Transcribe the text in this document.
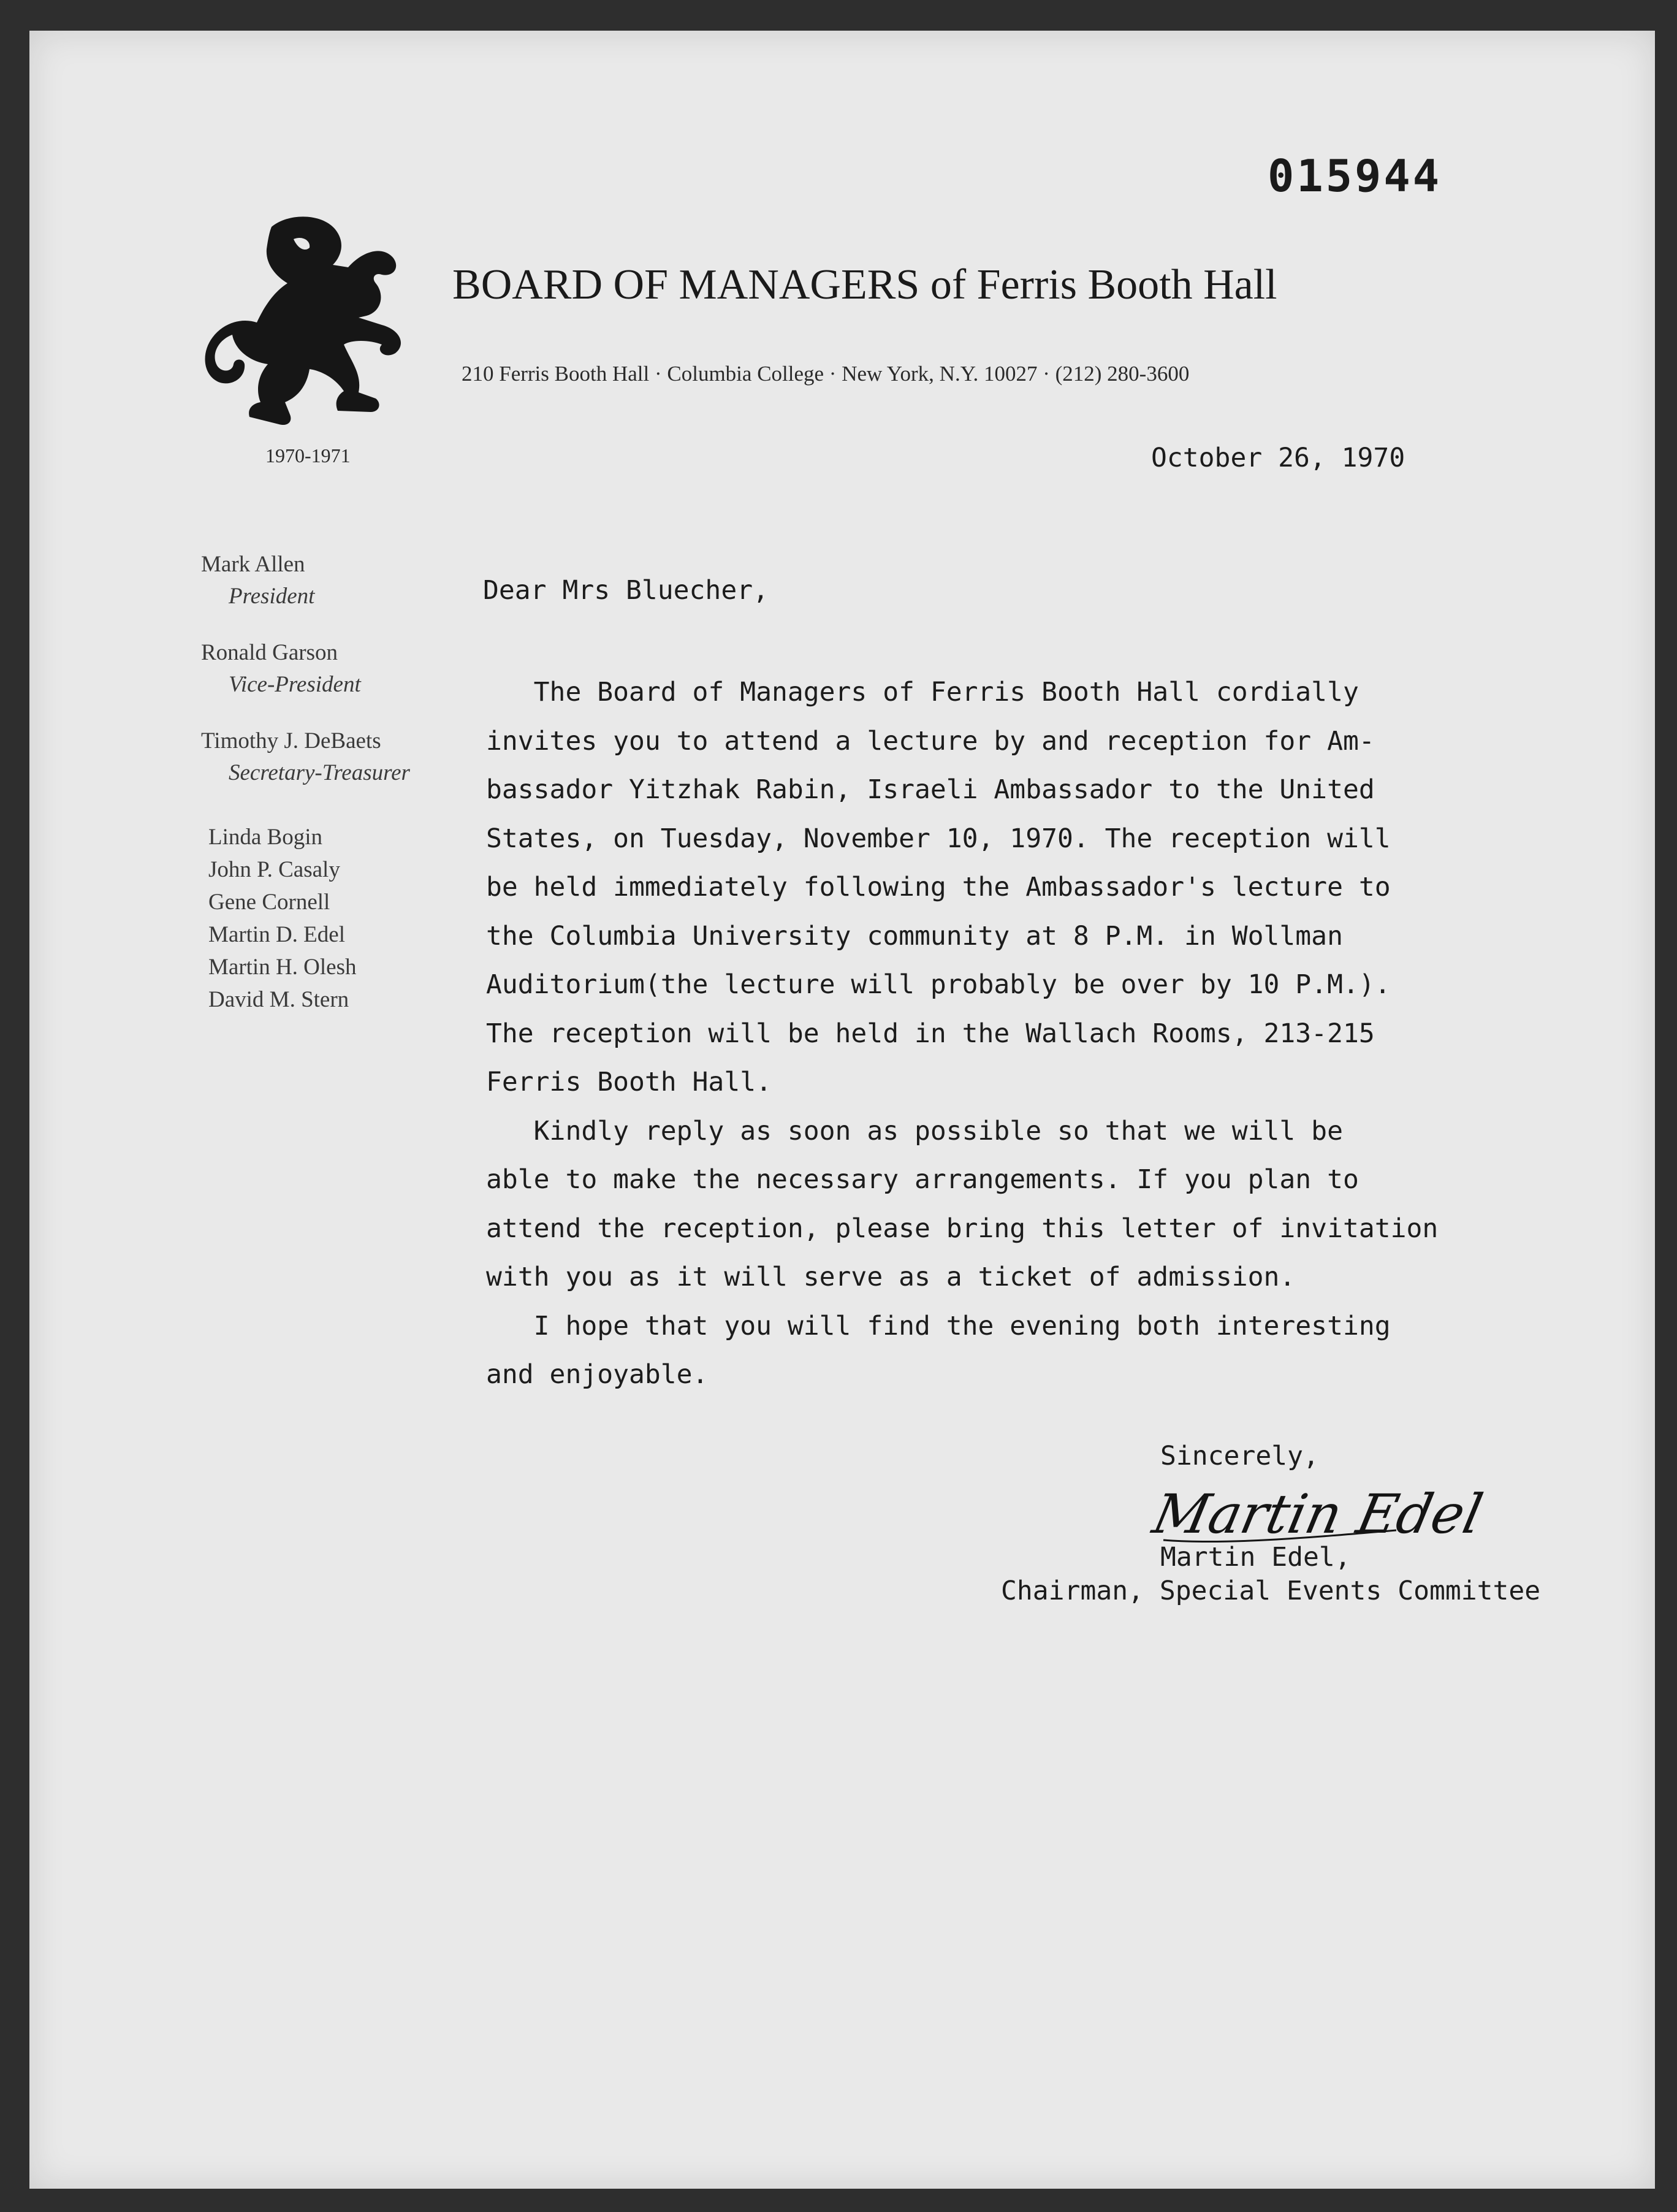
015944
BOARD OF MANAGERS of Ferris Booth Hall
210 Ferris Booth Hall · Columbia College · New York, N.Y. 10027 · (212) 280-3600
1970-1971
Mark Allen
President
Ronald Garson
Vice-President
Timothy J. DeBaets
Secretary-Treasurer
Linda Bogin
John P. Casaly
Gene Cornell
Martin D. Edel
Martin H. Olesh
David M. Stern
October 26, 1970
Dear Mrs Bluecher,

The Board of Managers of Ferris Booth Hall cordially
invites you to attend a lecture by and reception for Am-
bassador Yitzhak Rabin, Israeli Ambassador to the United
States, on Tuesday, November 10, 1970. The reception will
be held immediately following the Ambassador's lecture to
the Columbia University community at 8 P.M. in Wollman
Auditorium(the lecture will probably be over by 10 P.M.).
The reception will be held in the Wallach Rooms, 213-215
Ferris Booth Hall.

Kindly reply as soon as possible so that we will be
able to make the necessary arrangements. If you plan to
attend the reception, please bring this letter of invitation
with you as it will serve as a ticket of admission.

I hope that you will find the evening both interesting
and enjoyable.

Sincerely,
Martin Edel
Martin Edel,
Chairman, Special Events Committee
